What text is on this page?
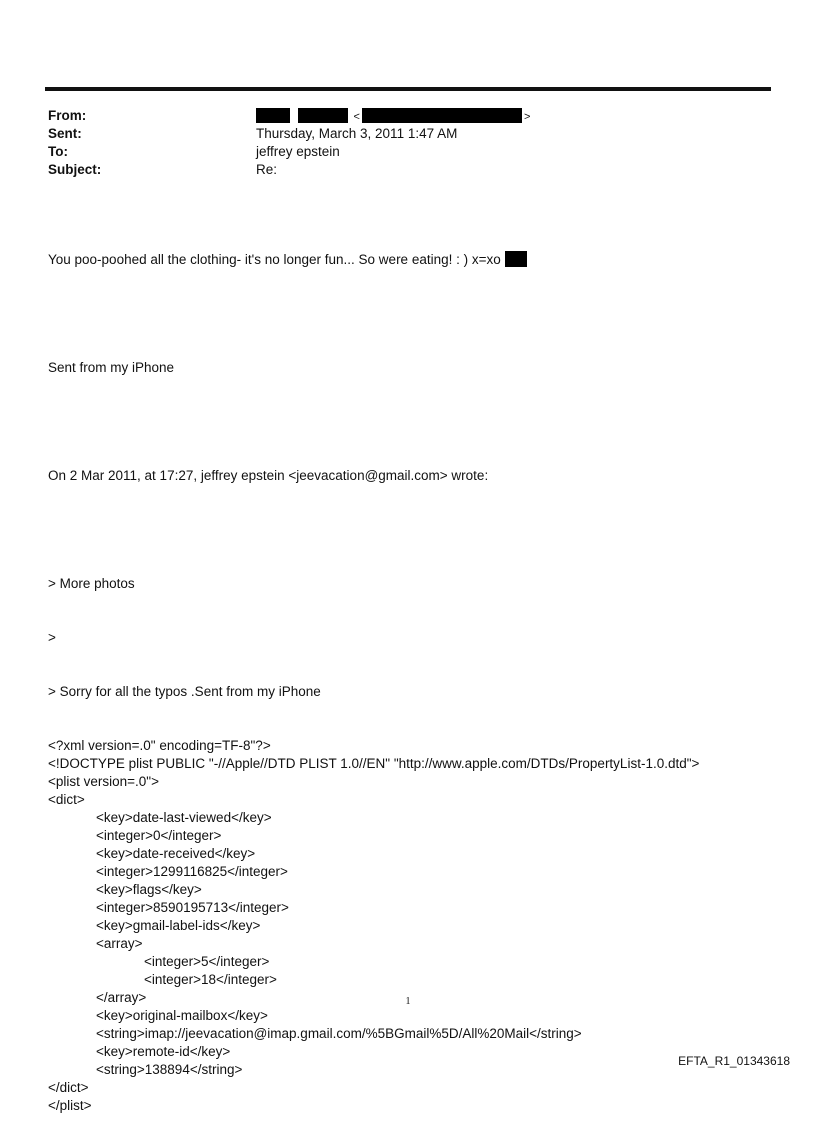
From:	<	>
Sent:	Thursday, March 3, 2011 1:47 AM
To:	jeffrey epstein
Subject:	Re:

You poo-poohed all the clothing- it's no longer fun... So were eating! : ) x=xo

Sent from my iPhone

On 2 Mar 2011, at 17:27, jeffrey epstein <jeevacation@gmail.com> wrote:

> More photos

>

> Sorry for all the typos .Sent from my iPhone

<?xml version=.0" encoding=TF-8"?>

<!DOCTYPE plist PUBLIC "-//Apple//DTD PLIST 1.0//EN" "http://www.apple.com/DTDs/PropertyList-1.0.dtd">

<plist version=.0">

<dict>

<key>date-last-viewed</key>

<integer>0</integer>

<key>date-received</key>

<integer>1299116825</integer>

<key>flags</key>

<integer>8590195713</integer>

<key>gmail-label-ids</key>

<array>

<integer>5</integer>

<integer>18</integer>

</array>

<key>original-mailbox</key>

<string>imap://jeevacation@imap.gmail.com/%5BGmail%5D/All%20Mail</string>

<key>remote-id</key>

<string>138894</string>

</dict>

</plist>

1
EFTA_R1_01343618
